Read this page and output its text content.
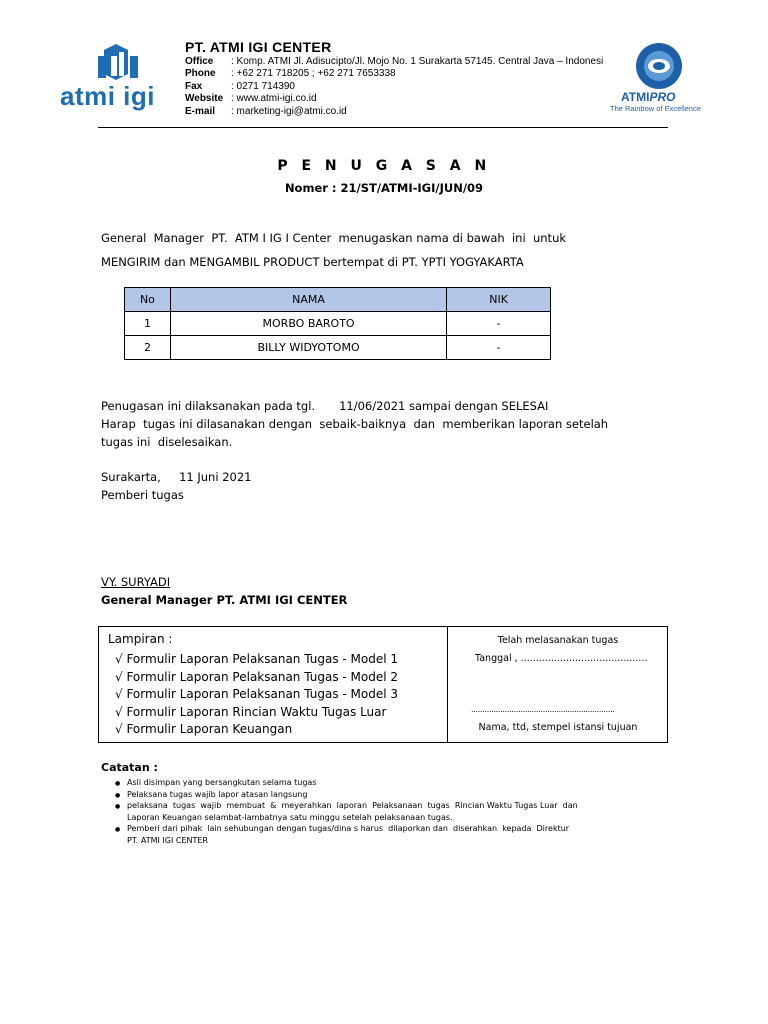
atmi igi
PT. ATMI IGI CENTER
Office	: Komp. ATMI Jl. Adisucipto/Jl. Mojo No. 1 Surakarta 57145. Central Java – Indonesi
Phone	: +62 271 718205 ; +62 271 7653338
Fax	: 0271 714390
Website : www.atmi-igi.co.id
E-mail	: marketing-igi@atmi.co.id
ATMIPRO
The Rainbow of Excellence
P E N U G A S A N
Nomer : 21/ST/ATMI-IGI/JUN/09
General  Manager  PT.  ATM I IG I Center  menugaskan nama di bawah  ini  untuk
MENGIRIM dan MENGAMBIL PRODUCT bertempat di PT. YPTI YOGYAKARTA
No	NAMA	NIK
1	MORBO BAROTO	-
2	BILLY WIDYOTOMO	-
Penugasan ini dilaksanakan pada tgl. 11/06/2021 sampai dengan SELESAI
Harap  tugas ini dilasanakan dengan  sebaik-baiknya  dan  memberikan laporan setelah
tugas ini  diselesaikan.
Surakarta,     11 Juni 2021
Pemberi tugas
VY. SURYADI
General Manager PT. ATMI IGI CENTER
Lampiran :
√ Formulir Laporan Pelaksanan Tugas - Model 1
√ Formulir Laporan Pelaksanan Tugas - Model 2
√ Formulir Laporan Pelaksanan Tugas - Model 3
√ Formulir Laporan Rincian Waktu Tugas Luar
√ Formulir Laporan Keuangan
Telah melasanakan tugas
Tanggal , ..........................................
................................................................
Nama, ttd, stempel istansi tujuan
Catatan :
● Asli disimpan yang bersangkutan selama tugas
● Pelaksana tugas wajib lapor atasan langsung
● pelaksana  tugas  wajib  membuat  &  meyerahkan  laporan  Pelaksanaan  tugas  Rincian Waktu Tugas Luar  dan
Laporan Keuangan selambat-lambatnya satu minggu setelah pelaksanaan tugas.
● Pemberi dari pihak  lain sehubungan dengan tugas/dina s harus  dilaporkan dan  diserahkan  kepada  Direktur
PT. ATMI IGI CENTER
